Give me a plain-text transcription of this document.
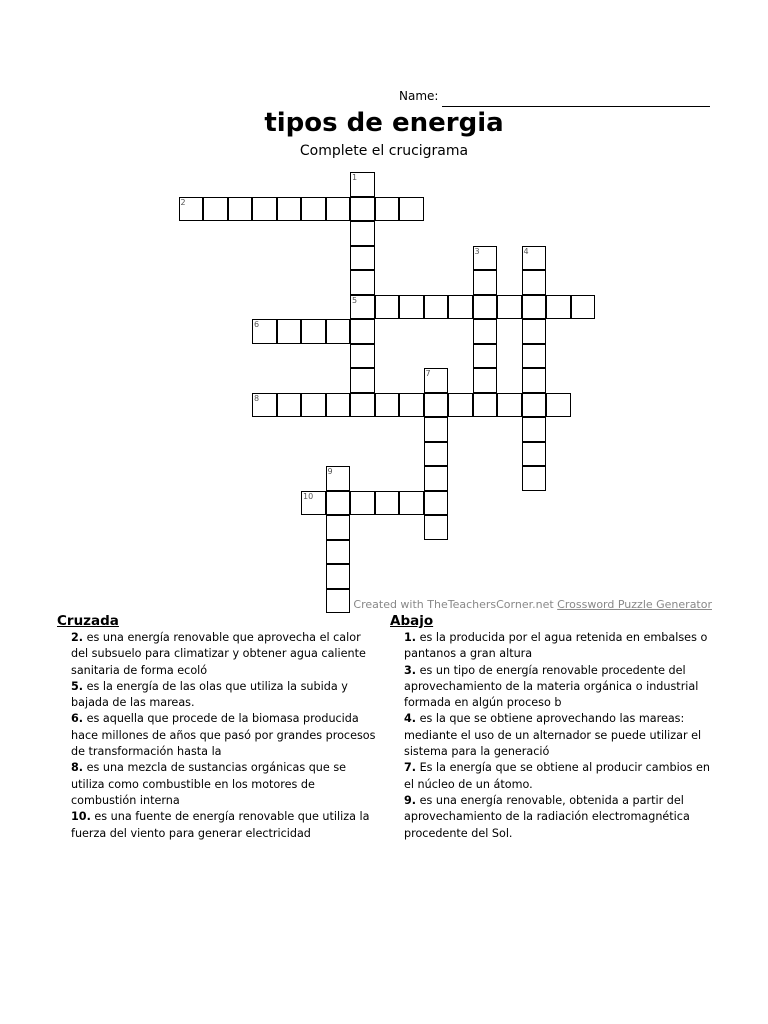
Name:
tipos de energia
Complete el crucigrama
1
5
2
3	4
6
7
8
9
10
Created with TheTeachersCorner.net Crossword Puzzle Generator
Cruzada
2. es una energía renovable que aprovecha el calor del subsuelo para climatizar y obtener agua caliente sanitaria de forma ecoló
5. es la energía de las olas que utiliza la subida y bajada de las mareas.
6. es aquella que procede de la biomasa producida hace millones de años que pasó por grandes procesos de transformación hasta la
8. es una mezcla de sustancias orgánicas que se utiliza como combustible en los motores de combustión interna
10. es una fuente de energía renovable que utiliza la fuerza del viento para generar electricidad
Abajo
1. es la producida por el agua retenida en embalses o pantanos a gran altura
3. es un tipo de energía renovable procedente del aprovechamiento de la materia orgánica o industrial formada en algún proceso b
4. es la que se obtiene aprovechando las mareas: mediante el uso de un alternador se puede utilizar el sistema para la generació
7. Es la energía que se obtiene al producir cambios en el núcleo de un átomo.
9. es una energía renovable, obtenida a partir del aprovechamiento de la radiación electromagnética procedente del Sol.
